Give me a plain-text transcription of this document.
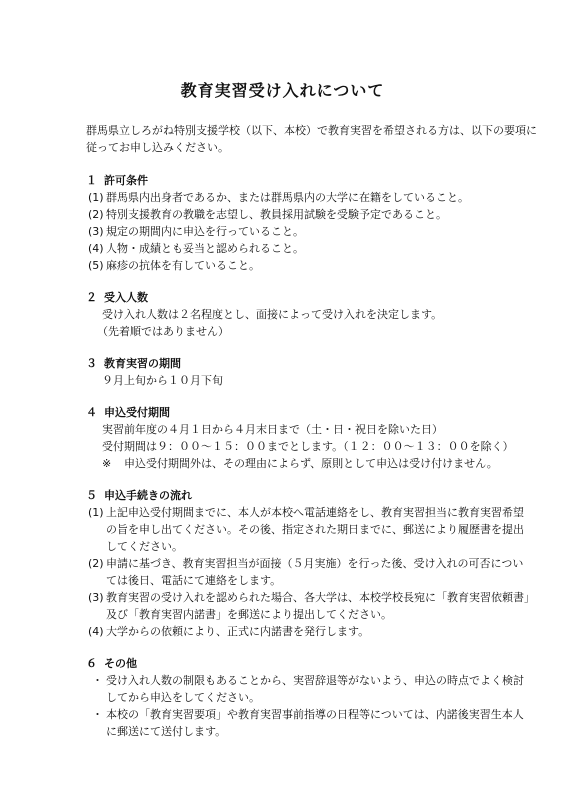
教育実習受け入れについて
群馬県立しろがね特別支援学校（以下、本校）で教育実習を希望される方は、以下の要項に
従ってお申し込みください。
１ 許可条件
(1) 群馬県内出身者であるか、または群馬県内の大学に在籍をしていること。
(2) 特別支援教育の教職を志望し、教員採用試験を受験予定であること。
(3) 規定の期間内に申込を行っていること。
(4) 人物・成績とも妥当と認められること。
(5) 麻疹の抗体を有していること。
２ 受入人数
受け入れ人数は２名程度とし、面接によって受け入れを決定します。
（先着順ではありません）
３ 教育実習の期間
９月上旬から１０月下旬
４ 申込受付期間
実習前年度の４月１日から４月末日まで（土・日・祝日を除いた日）
受付期間は９：００～１５：００までとします。（１２：００～１３：００を除く）
※ 申込受付期間外は、その理由によらず、原則として申込は受け付けません。
５ 申込手続きの流れ
(1) 上記申込受付期間までに、本人が本校へ電話連絡をし、教育実習担当に教育実習希望
の旨を申し出てください。その後、指定された期日までに、郵送により履歴書を提出
してください。
(2) 申請に基づき、教育実習担当が面接（５月実施）を行った後、受け入れの可否につい
ては後日、電話にて連絡をします。
(3) 教育実習の受け入れを認められた場合、各大学は、本校学校長宛に「教育実習依頼書」
及び「教育実習内諾書」を郵送により提出してください。
(4) 大学からの依頼により、正式に内諾書を発行します。
６ その他
・ 受け入れ人数の制限もあることから、実習辞退等がないよう、申込の時点でよく検討
してから申込をしてください。
・ 本校の「教育実習要項」や教育実習事前指導の日程等については、内諾後実習生本人
に郵送にて送付します。
